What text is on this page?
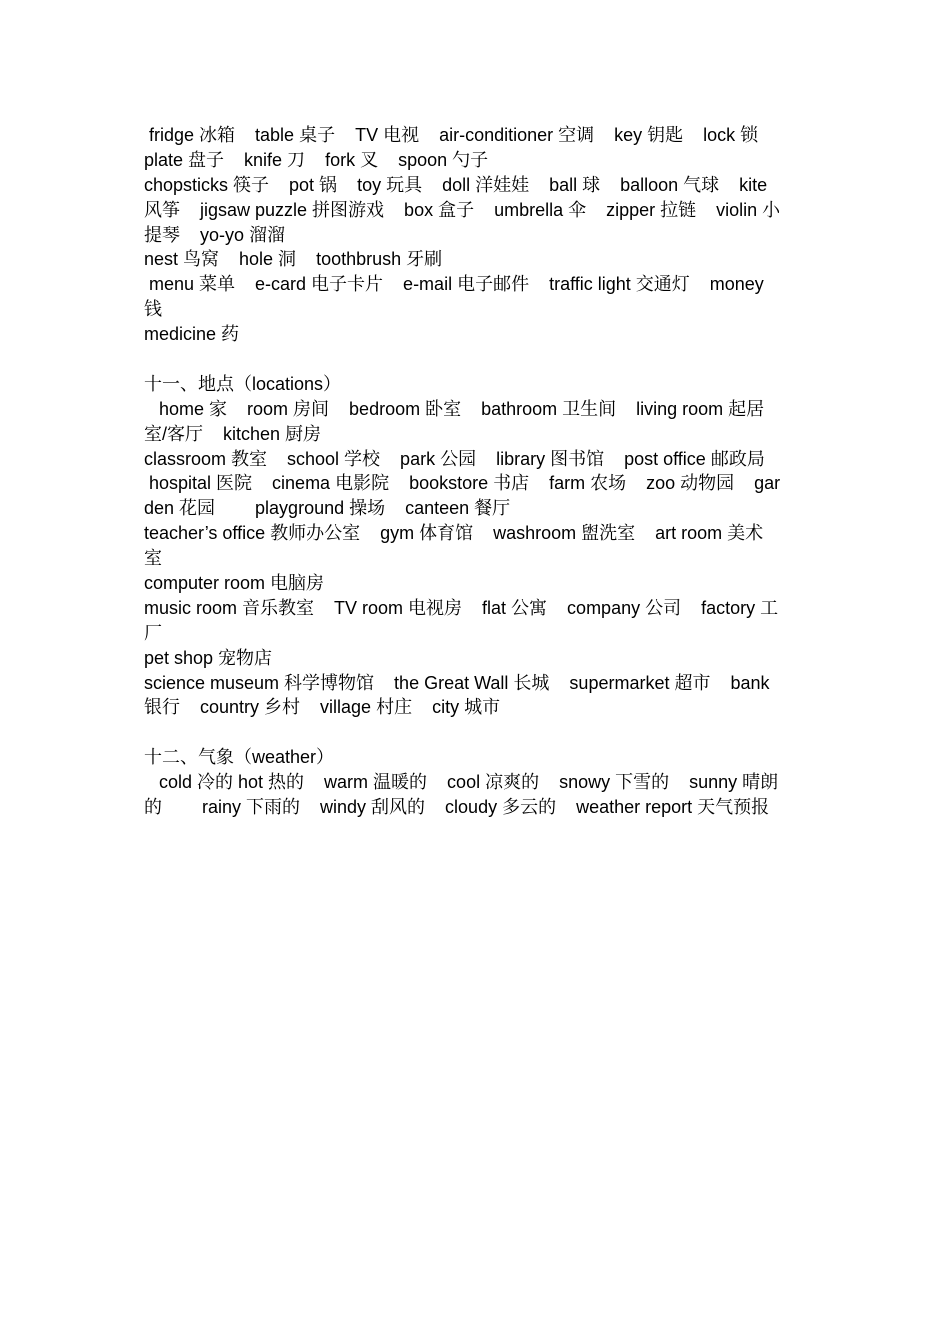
fridge 冰箱    table 桌子    TV 电视    air-conditioner 空调    key 钥匙    lock 锁

plate 盘子    knife 刀    fork 叉    spoon 勺子

chopsticks 筷子    pot 锅    toy 玩具    doll 洋娃娃    ball 球    balloon 气球    kite

风筝    jigsaw puzzle 拼图游戏    box 盒子    umbrella 伞    zipper 拉链    violin 小

提琴    yo-yo 溜溜

nest 鸟窝    hole 洞    toothbrush 牙刷

menu 菜单    e-card 电子卡片    e-mail 电子邮件    traffic light 交通灯    money

钱

medicine 药

十一、地点（locations）

home 家    room 房间    bedroom 卧室    bathroom 卫生间    living room 起居

室/客厅    kitchen 厨房

classroom 教室    school 学校    park 公园    library 图书馆    post office 邮政局

hospital 医院    cinema 电影院    bookstore 书店    farm 农场    zoo 动物园    gar

den 花园        playground 操场    canteen 餐厅

teacher’s office 教师办公室    gym 体育馆    washroom 盥洗室    art room 美术

室

computer room 电脑房

music room 音乐教室    TV room 电视房    flat 公寓    company 公司    factory 工

厂

pet shop 宠物店

science museum 科学博物馆    the Great Wall 长城    supermarket 超市    bank

银行    country 乡村    village 村庄    city 城市

十二、气象（weather）

cold 冷的 hot 热的    warm 温暖的    cool 凉爽的    snowy 下雪的    sunny 晴朗

的        rainy 下雨的    windy 刮风的    cloudy 多云的    weather report 天气预报
